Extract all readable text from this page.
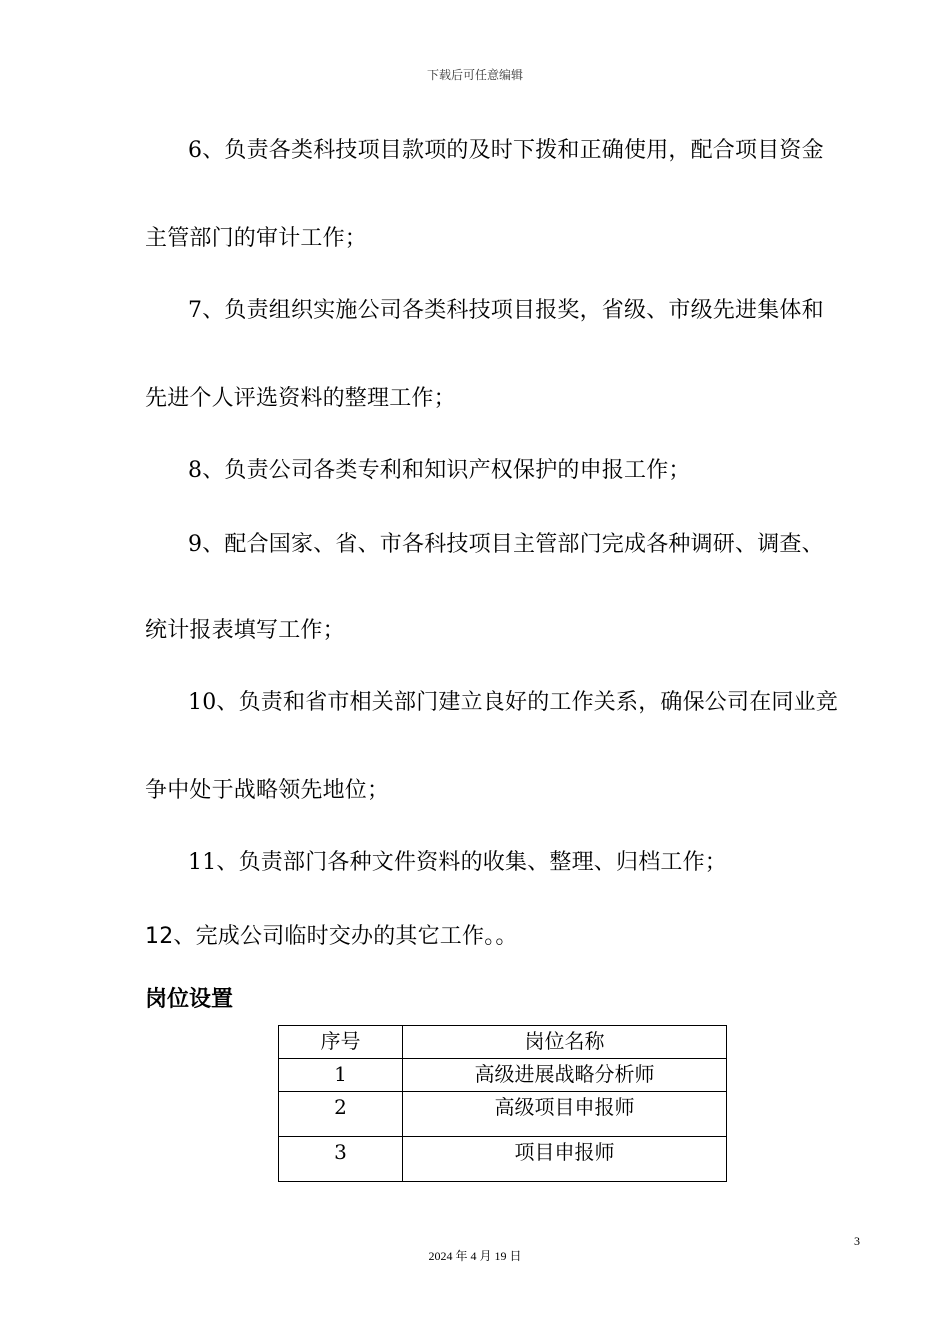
下载后可任意编辑
6、负责各类科技项目款项的及时下拨和正确使用，配合项目资金
主管部门的审计工作；
7、负责组织实施公司各类科技项目报奖，省级、市级先进集体和
先进个人评选资料的整理工作；
8、负责公司各类专利和知识产权保护的申报工作；
9、配合国家、省、市各科技项目主管部门完成各种调研、调查、
统计报表填写工作；
10、负责和省市相关部门建立良好的工作关系，确保公司在同业竞
争中处于战略领先地位；
11、负责部门各种文件资料的收集、整理、归档工作；
12、完成公司临时交办的其它工作。。
岗位设置
序号	岗位名称
1	高级进展战略分析师
2	高级项目申报师
3	项目申报师
3
2024 年 4 月 19 日
